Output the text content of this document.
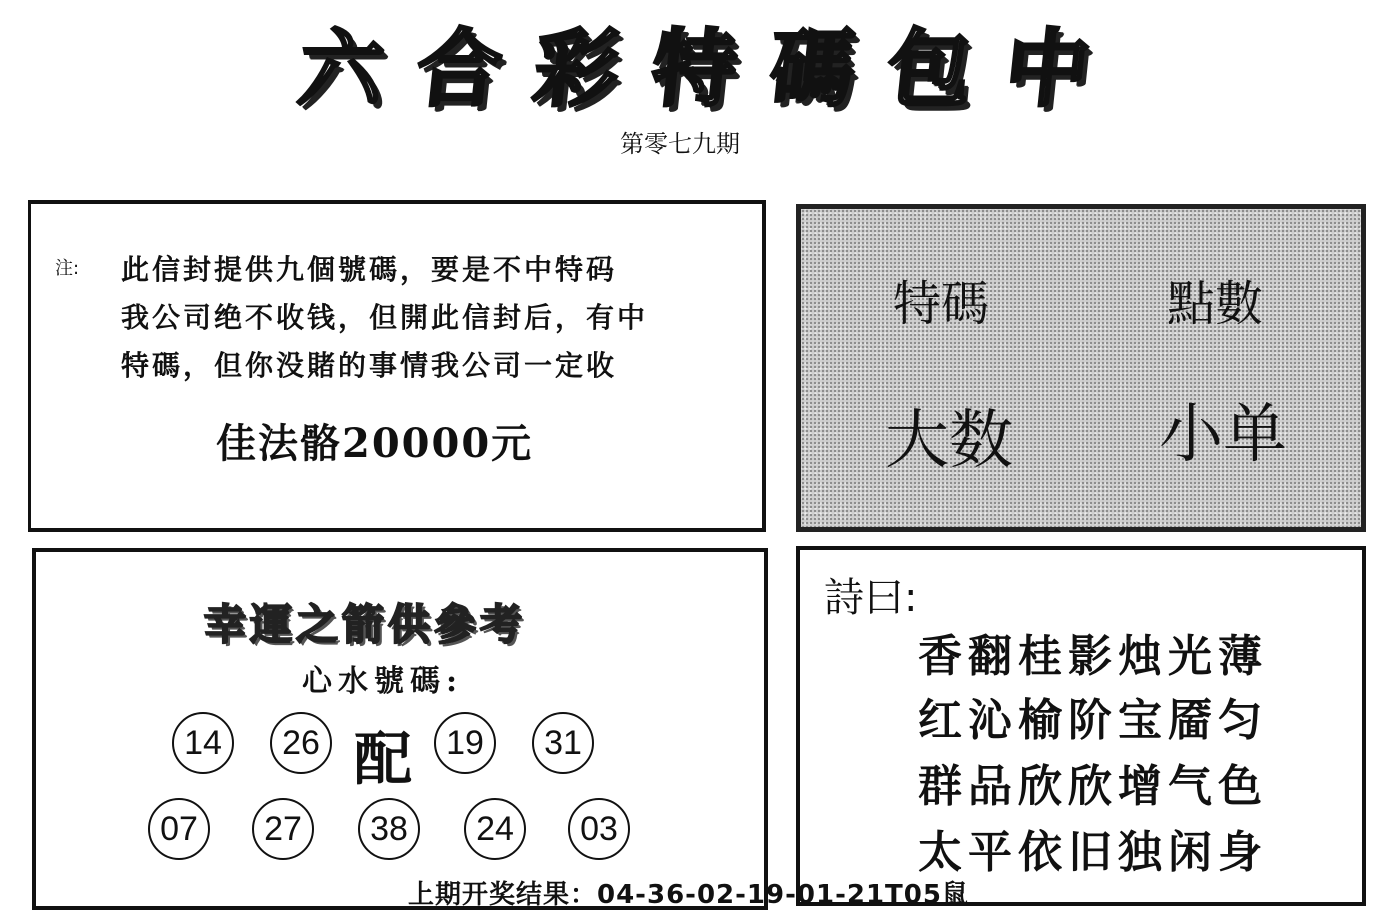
六 合 彩 特 碼 包 中
第零七九期
注: 此信封提供九個號碼，要是不中特码
我公司绝不收钱，但開此信封后，有中
特碼，但你没賭的事情我公司一定收
佳法骼20000元
特碼	點數
大数 小单
幸運之箭供參考
心水號碼:
14	26 配	19	31
07	27	38	24	03
詩曰:
香翻桂影烛光薄
红沁榆阶宝靥匀
群品欣欣增气色
太平依旧独闲身
上期开奖结果：04-36-02-19-01-21T05鼠
